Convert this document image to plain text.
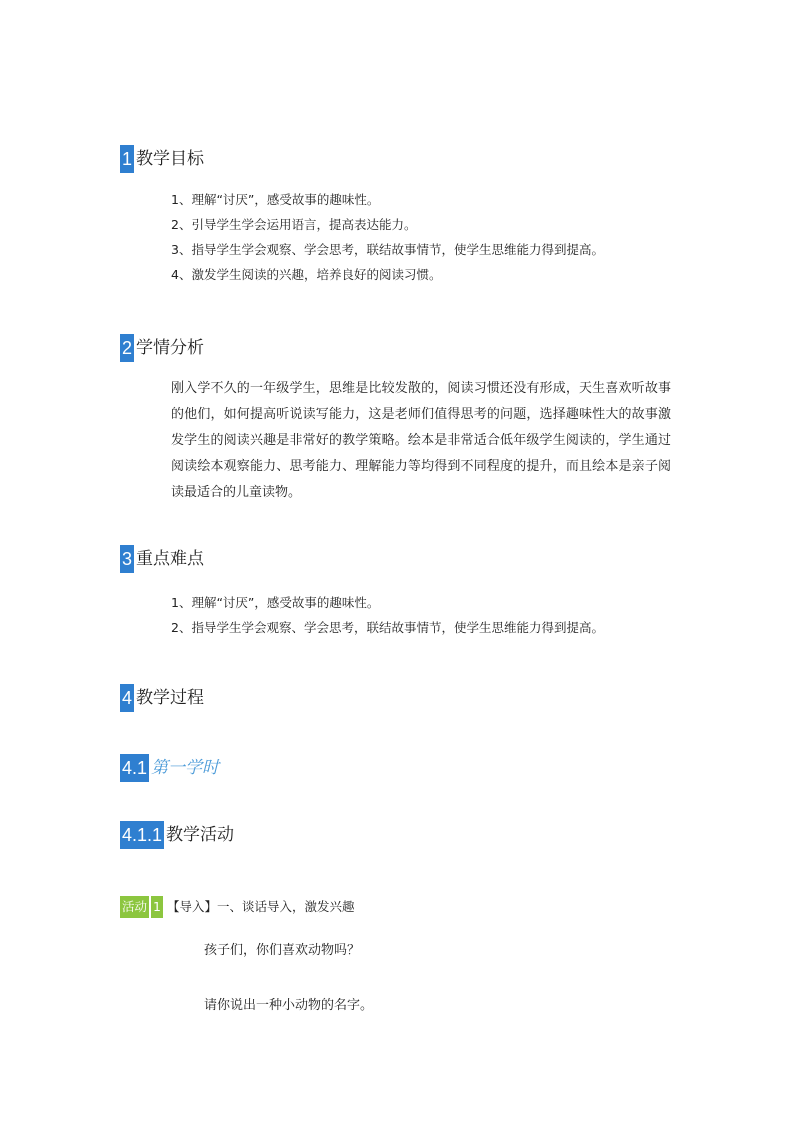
1 教学目标
1、理解“讨厌”，感受故事的趣味性。
2、引导学生学会运用语言，提高表达能力。
3、指导学生学会观察、学会思考，联结故事情节，使学生思维能力得到提高。
4、激发学生阅读的兴趣，培养良好的阅读习惯。
2 学情分析

刚入学不久的一年级学生，思维是比较发散的，阅读习惯还没有形成，天生喜欢听故事的他们，如何提高听说读写能力，这是老师们值得思考的问题，选择趣味性大的故事激发学生的阅读兴趣是非常好的教学策略。绘本是非常适合低年级学生阅读的，学生通过阅读绘本观察能力、思考能力、理解能力等均得到不同程度的提升，而且绘本是亲子阅读最适合的儿童读物。

3 重点难点
1、理解“讨厌”，感受故事的趣味性。
2、指导学生学会观察、学会思考，联结故事情节，使学生思维能力得到提高。
4 教学过程
4.1 第一学时
4.1.1 教学活动
活动 1 【导入】一、谈话导入，激发兴趣
孩子们，你们喜欢动物吗？
请你说出一种小动物的名字。
